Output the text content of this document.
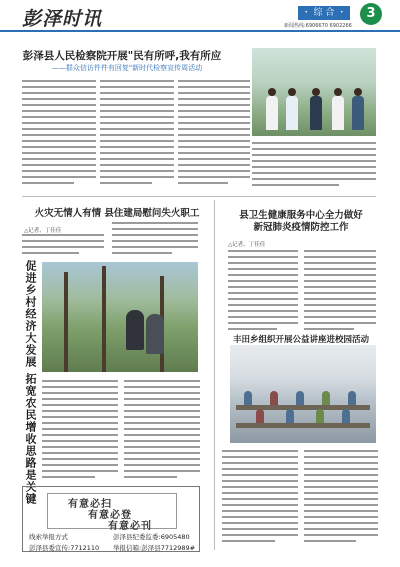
彭泽时讯	・ 综 合 ・	3
新闻热线:6906670 6902266
彭泽县人民检察院开展"民有所呼,我有所应
——群众信访件件有回复"新时代检察宣传周活动
火灾无情人有情 县住建局慰问失火职工
△记者、丁佳佳
县卫生健康服务中心全力做好
新冠肺炎疫情防控工作
△记者、丁佳佳
促进乡村经济大发展 拓宽农民增收思路是关键	有意必扫
有意必登
有意必刊
线索举报方式	彭泽县纪委监委:6905480
彭泽县委宣传:7712110 举报信箱:彭泽县7712989#
丰田乡组织开展公益讲座进校园活动
